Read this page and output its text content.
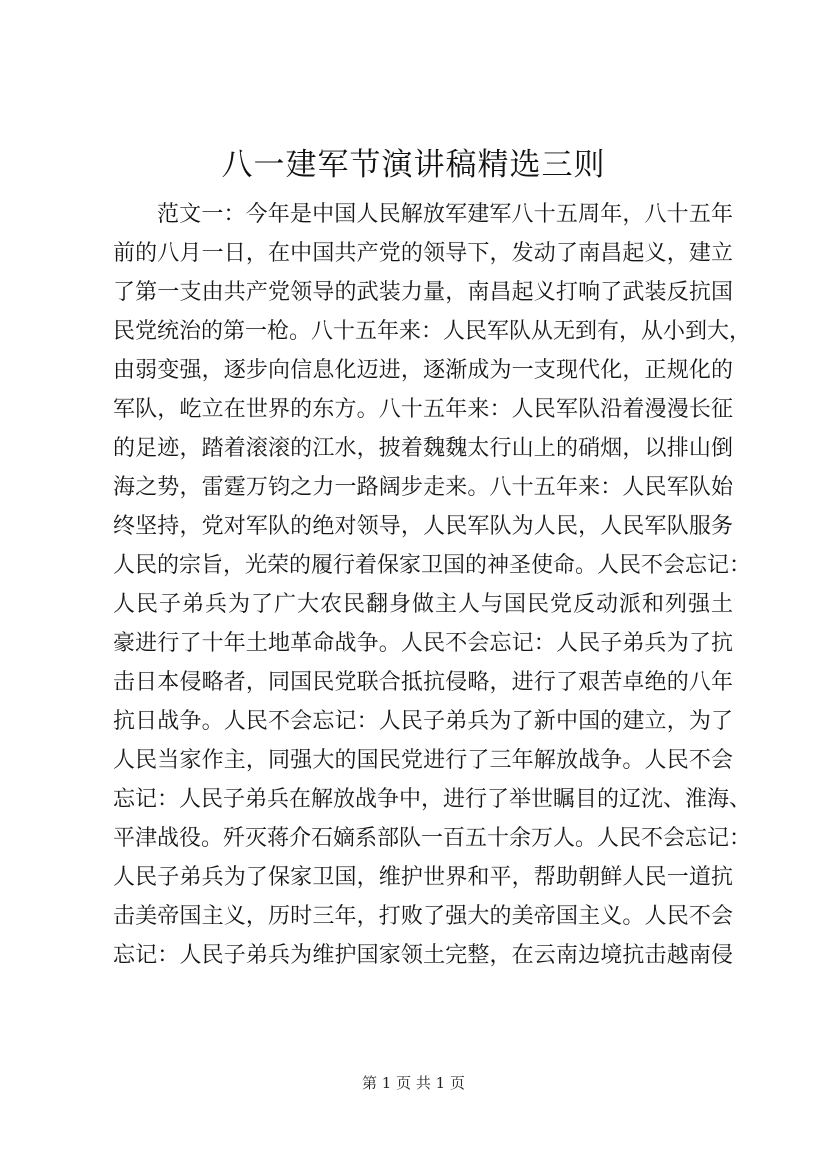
八一建军节演讲稿精选三则
范文一：今年是中国人民解放军建军八十五周年，八十五年
前的八月一日，在中国共产党的领导下，发动了南昌起义，建立
了第一支由共产党领导的武装力量，南昌起义打响了武装反抗国
民党统治的第一枪。八十五年来：人民军队从无到有，从小到大，
由弱变强，逐步向信息化迈进，逐渐成为一支现代化，正规化的
军队，屹立在世界的东方。八十五年来：人民军队沿着漫漫长征
的足迹，踏着滚滚的江水，披着魏魏太行山上的硝烟，以排山倒
海之势，雷霆万钧之力一路阔步走来。八十五年来：人民军队始
终坚持，党对军队的绝对领导，人民军队为人民，人民军队服务
人民的宗旨，光荣的履行着保家卫国的神圣使命。人民不会忘记：
人民子弟兵为了广大农民翻身做主人与国民党反动派和列强土
豪进行了十年土地革命战争。人民不会忘记：人民子弟兵为了抗
击日本侵略者，同国民党联合抵抗侵略，进行了艰苦卓绝的八年
抗日战争。人民不会忘记：人民子弟兵为了新中国的建立，为了
人民当家作主，同强大的国民党进行了三年解放战争。人民不会
忘记：人民子弟兵在解放战争中，进行了举世瞩目的辽沈、淮海、
平津战役。歼灭蒋介石嫡系部队一百五十余万人。人民不会忘记：
人民子弟兵为了保家卫国，维护世界和平，帮助朝鲜人民一道抗
击美帝国主义，历时三年，打败了强大的美帝国主义。人民不会
忘记：人民子弟兵为维护国家领土完整，在云南边境抗击越南侵
第 1 页 共 1 页
